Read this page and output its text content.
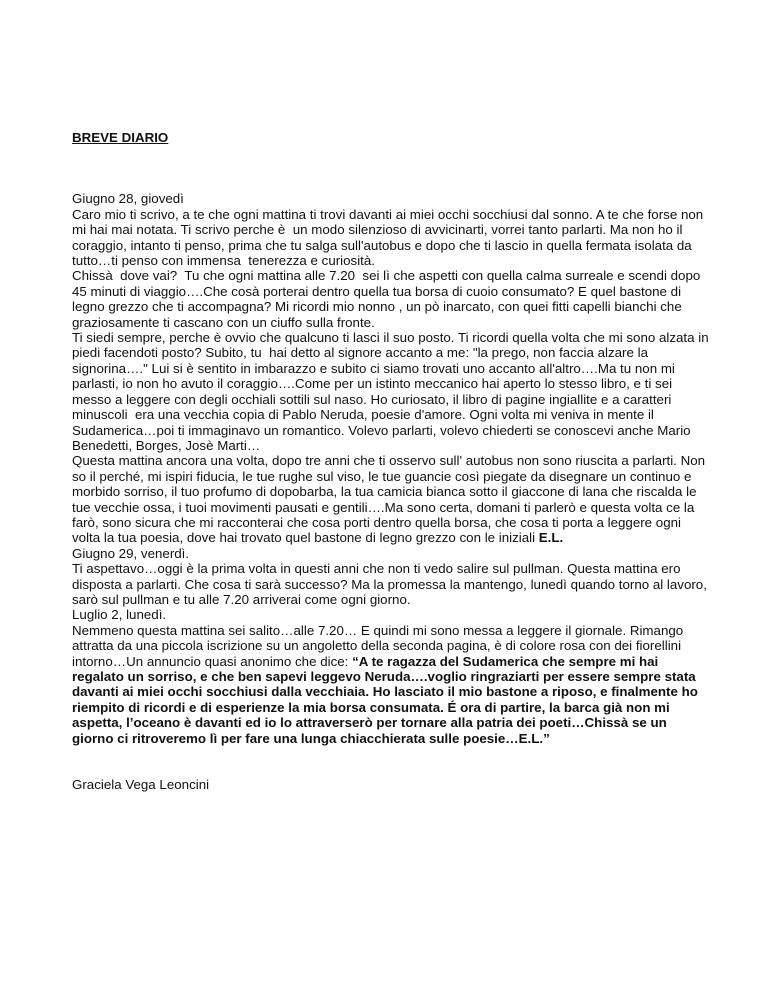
BREVE DIARIO

Giugno 28, giovedì

Caro mio ti scrivo, a te che ogni mattina ti trovi davanti ai miei occhi socchiusi dal sonno. A te che forse non mi hai mai notata. Ti scrivo perche è  un modo silenzioso di avvicinarti, vorrei tanto parlarti. Ma non ho il coraggio, intanto ti penso, prima che tu salga sull'autobus e dopo che ti lascio in quella fermata isolata da tutto…ti penso con immensa  tenerezza e curiosità.

Chissà  dove vai?  Tu che ogni mattina alle 7.20  sei lì che aspetti con quella calma surreale e scendi dopo 45 minuti di viaggio….Che cosà porterai dentro quella tua borsa di cuoio consumato? E quel bastone di legno grezzo che ti accompagna? Mi ricordi mio nonno , un pò inarcato, con quei fitti capelli bianchi che graziosamente ti cascano con un ciuffo sulla fronte.

Ti siedi sempre, perche è ovvio che qualcuno ti lasci il suo posto. Ti ricordi quella volta che mi sono alzata in piedi facendoti posto? Subito, tu  hai detto al signore accanto a me: "la prego, non faccia alzare la signorina…." Lui si è sentito in imbarazzo e subito ci siamo trovati uno accanto all'altro….Ma tu non mi parlasti, io non ho avuto il coraggio….Come per un istinto meccanico hai aperto lo stesso libro, e ti sei messo a leggere con degli occhiali sottili sul naso. Ho curiosato, il libro di pagine ingiallite e a caratteri minuscoli  era una vecchia copia di Pablo Neruda, poesie d'amore. Ogni volta mi veniva in mente il Sudamerica…poi ti immaginavo un romantico. Volevo parlarti, volevo chiederti se conoscevi anche Mario Benedetti, Borges, Josè Marti…

Questa mattina ancora una volta, dopo tre anni che ti osservo sull' autobus non sono riuscita a parlarti. Non so il perché, mi ispiri fiducia, le tue rughe sul viso, le tue guancie così piegate da disegnare un continuo e morbido sorriso, il tuo profumo di dopobarba, la tua camicia bianca sotto il giaccone di lana che riscalda le tue vecchie ossa, i tuoi movimenti pausati e gentili….Ma sono certa, domani ti parlerò e questa volta ce la farò, sono sicura che mi racconterai che cosa porti dentro quella borsa, che cosa ti porta a leggere ogni volta la tua poesia, dove hai trovato quel bastone di legno grezzo con le iniziali E.L.

Giugno 29, venerdì.

Ti aspettavo…oggi è la prima volta in questi anni che non ti vedo salire sul pullman. Questa mattina ero disposta a parlarti. Che cosa ti sarà successo? Ma la promessa la mantengo, lunedì quando torno al lavoro, sarò sul pullman e tu alle 7.20 arriverai come ogni giorno.

Luglio 2, lunedì.

Nemmeno questa mattina sei salito…alle 7.20… E quindi mi sono messa a leggere il giornale. Rimango attratta da una piccola iscrizione su un angoletto della seconda pagina, è di colore rosa con dei fiorellini intorno…Un annuncio quasi anonimo che dice: “A te ragazza del Sudamerica che sempre mi hai regalato un sorriso, e che ben sapevi leggevo Neruda….voglio ringraziarti per essere sempre stata davanti ai miei occhi socchiusi dalla vecchiaia. Ho lasciato il mio bastone a riposo, e finalmente ho riempito di ricordi e di esperienze la mia borsa consumata. É ora di partire, la barca già non mi aspetta, l’oceano è davanti ed io lo attraverserò per tornare alla patria dei poeti…Chissà se un giorno ci ritroveremo lì per fare una lunga chiacchierata sulle poesie…E.L.”

Graciela Vega Leoncini
